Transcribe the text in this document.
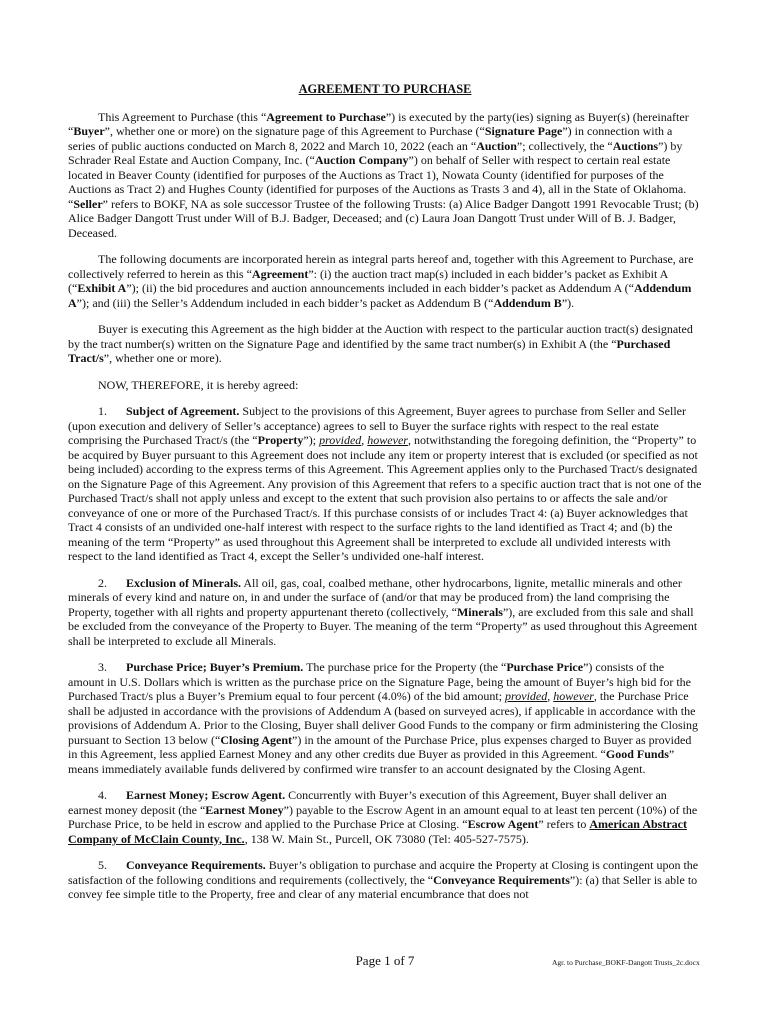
AGREEMENT TO PURCHASE

This Agreement to Purchase (this “Agreement to Purchase”) is executed by the party(ies) signing as Buyer(s) (hereinafter “Buyer”, whether one or more) on the signature page of this Agreement to Purchase (“Signature Page”) in connection with a series of public auctions conducted on March 8, 2022 and March 10, 2022 (each an “Auction”; collectively, the “Auctions”) by Schrader Real Estate and Auction Company, Inc. (“Auction Company”) on behalf of Seller with respect to certain real estate located in Beaver County (identified for purposes of the Auctions as Tract 1), Nowata County (identified for purposes of the Auctions as Tract 2) and Hughes County (identified for purposes of the Auctions as Trasts 3 and 4), all in the State of Oklahoma. “Seller” refers to BOKF, NA as sole successor Trustee of the following Trusts: (a) Alice Badger Dangott 1991 Revocable Trust; (b) Alice Badger Dangott Trust under Will of B.J. Badger, Deceased; and (c) Laura Joan Dangott Trust under Will of B. J. Badger, Deceased.

The following documents are incorporated herein as integral parts hereof and, together with this Agreement to Purchase, are collectively referred to herein as this “Agreement”: (i) the auction tract map(s) included in each bidder’s packet as Exhibit A (“Exhibit A”); (ii) the bid procedures and auction announcements included in each bidder’s packet as Addendum A (“Addendum A”); and (iii) the Seller’s Addendum included in each bidder’s packet as Addendum B (“Addendum B”).

Buyer is executing this Agreement as the high bidder at the Auction with respect to the particular auction tract(s) designated by the tract number(s) written on the Signature Page and identified by the same tract number(s) in Exhibit A (the “Purchased Tract/s”, whether one or more).

NOW, THEREFORE, it is hereby agreed:

1. Subject of Agreement. Subject to the provisions of this Agreement, Buyer agrees to purchase from Seller and Seller (upon execution and delivery of Seller’s acceptance) agrees to sell to Buyer the surface rights with respect to the real estate comprising the Purchased Tract/s (the “Property”); provided, however, notwithstanding the foregoing definition, the “Property” to be acquired by Buyer pursuant to this Agreement does not include any item or property interest that is excluded (or specified as not being included) according to the express terms of this Agreement. This Agreement applies only to the Purchased Tract/s designated on the Signature Page of this Agreement. Any provision of this Agreement that refers to a specific auction tract that is not one of the Purchased Tract/s shall not apply unless and except to the extent that such provision also pertains to or affects the sale and/or conveyance of one or more of the Purchased Tract/s. If this purchase consists of or includes Tract 4: (a) Buyer acknowledges that Tract 4 consists of an undivided one-half interest with respect to the surface rights to the land identified as Tract 4; and (b) the meaning of the term “Property” as used throughout this Agreement shall be interpreted to exclude all undivided interests with respect to the land identified as Tract 4, except the Seller’s undivided one-half interest.

2. Exclusion of Minerals. All oil, gas, coal, coalbed methane, other hydrocarbons, lignite, metallic minerals and other minerals of every kind and nature on, in and under the surface of (and/or that may be produced from) the land comprising the Property, together with all rights and property appurtenant thereto (collectively, “Minerals”), are excluded from this sale and shall be excluded from the conveyance of the Property to Buyer. The meaning of the term “Property” as used throughout this Agreement shall be interpreted to exclude all Minerals.

3. Purchase Price; Buyer’s Premium. The purchase price for the Property (the “Purchase Price”) consists of the amount in U.S. Dollars which is written as the purchase price on the Signature Page, being the amount of Buyer’s high bid for the Purchased Tract/s plus a Buyer’s Premium equal to four percent (4.0%) of the bid amount; provided, however, the Purchase Price shall be adjusted in accordance with the provisions of Addendum A (based on surveyed acres), if applicable in accordance with the provisions of Addendum A. Prior to the Closing, Buyer shall deliver Good Funds to the company or firm administering the Closing pursuant to Section 13 below (“Closing Agent”) in the amount of the Purchase Price, plus expenses charged to Buyer as provided in this Agreement, less applied Earnest Money and any other credits due Buyer as provided in this Agreement. “Good Funds” means immediately available funds delivered by confirmed wire transfer to an account designated by the Closing Agent.

4. Earnest Money; Escrow Agent. Concurrently with Buyer’s execution of this Agreement, Buyer shall deliver an earnest money deposit (the “Earnest Money”) payable to the Escrow Agent in an amount equal to at least ten percent (10%) of the Purchase Price, to be held in escrow and applied to the Purchase Price at Closing. “Escrow Agent” refers to American Abstract Company of McClain County, Inc., 138 W. Main St., Purcell, OK 73080 (Tel: 405-527-7575).

5. Conveyance Requirements. Buyer’s obligation to purchase and acquire the Property at Closing is contingent upon the satisfaction of the following conditions and requirements (collectively, the “Conveyance Requirements”): (a) that Seller is able to convey fee simple title to the Property, free and clear of any material encumbrance that does not

Page 1 of 7	Agr. to Purchase_BOKF-Dangott Trusts_2c.docx
